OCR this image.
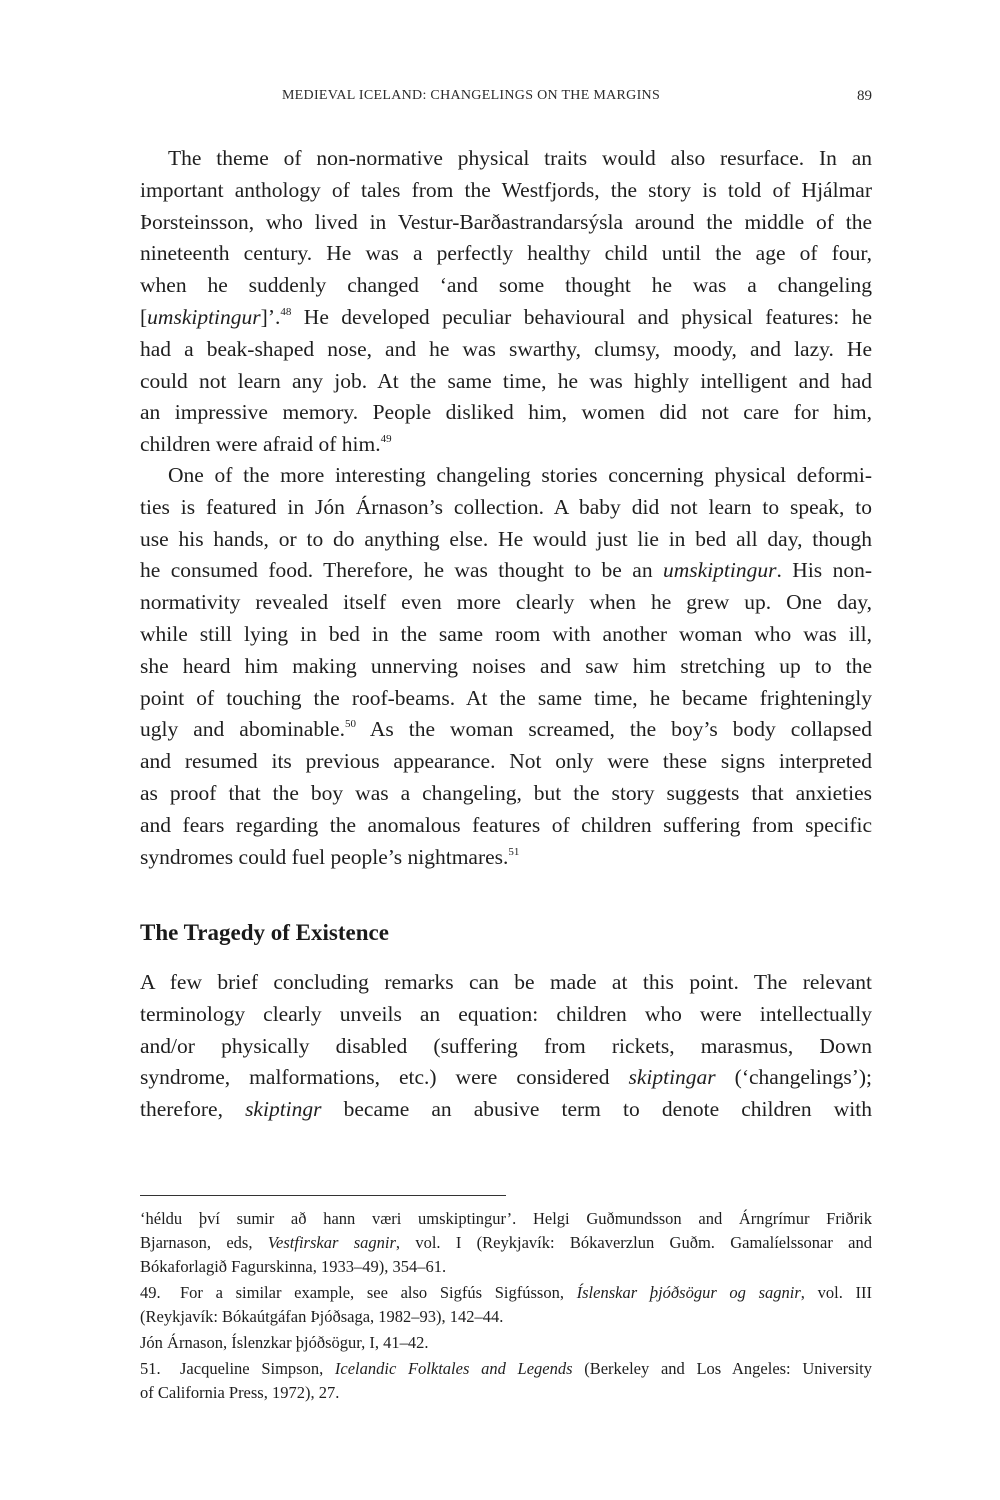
MEDIEVAL ICELAND: CHANGELINGS ON THE MARGINS	89
The theme of non-normative physical traits would also resurface. In an
important anthology of tales from the Westfjords, the story is told of Hjálmar
Þorsteinsson, who lived in Vestur-Barðastrandarsýsla around the middle of the
nineteenth century. He was a perfectly healthy child until the age of four,
when he suddenly changed ‘and some thought he was a changeling
[umskiptingur]’.$^{48}$ He developed peculiar behavioural and physical features: he
had a beak-shaped nose, and he was swarthy, clumsy, moody, and lazy. He
could not learn any job. At the same time, he was highly intelligent and had
an impressive memory. People disliked him, women did not care for him,
children were afraid of him.$^{49}$
One of the more interesting changeling stories concerning physical deformi-
ties is featured in Jón Árnason’s collection. A baby did not learn to speak, to
use his hands, or to do anything else. He would just lie in bed all day, though
he consumed food. Therefore, he was thought to be an umskiptingur. His non-
normativity revealed itself even more clearly when he grew up. One day,
while still lying in bed in the same room with another woman who was ill,
she heard him making unnerving noises and saw him stretching up to the
point of touching the roof-beams. At the same time, he became frighteningly
ugly and abominable.$^{50}$ As the woman screamed, the boy’s body collapsed
and resumed its previous appearance. Not only were these signs interpreted
as proof that the boy was a changeling, but the story suggests that anxieties
and fears regarding the anomalous features of children suffering from specific
syndromes could fuel people’s nightmares.$^{51}$
The Tragedy of Existence
A few brief concluding remarks can be made at this point. The relevant
terminology clearly unveils an equation: children who were intellectually
and/or physically disabled (suffering from rickets, marasmus, Down
syndrome, malformations, etc.) were considered skiptingar (‘changelings’);
therefore, skiptingr became an abusive term to denote children with
‘héldu því sumir að hann væri umskiptingur’. Helgi Guðmundsson and Árngrímur Friðrik
Bjarnason, eds, Vestfirskar sagnir, vol. I (Reykjavík: Bókaverzlun Guðm. Gamalíelssonar and
Bókaforlagið Fagurskinna, 1933–49), 354–61.
49. For a similar example, see also Sigfús Sigfússon, Íslenskar þjóðsögur og sagnir, vol. III
(Reykjavík: Bókaútgáfan Þjóðsaga, 1982–93), 142–44.
Jón Árnason, Íslenzkar þjóðsögur, I, 41–42.
51. Jacqueline Simpson, Icelandic Folktales and Legends (Berkeley and Los Angeles: University
of California Press, 1972), 27.
